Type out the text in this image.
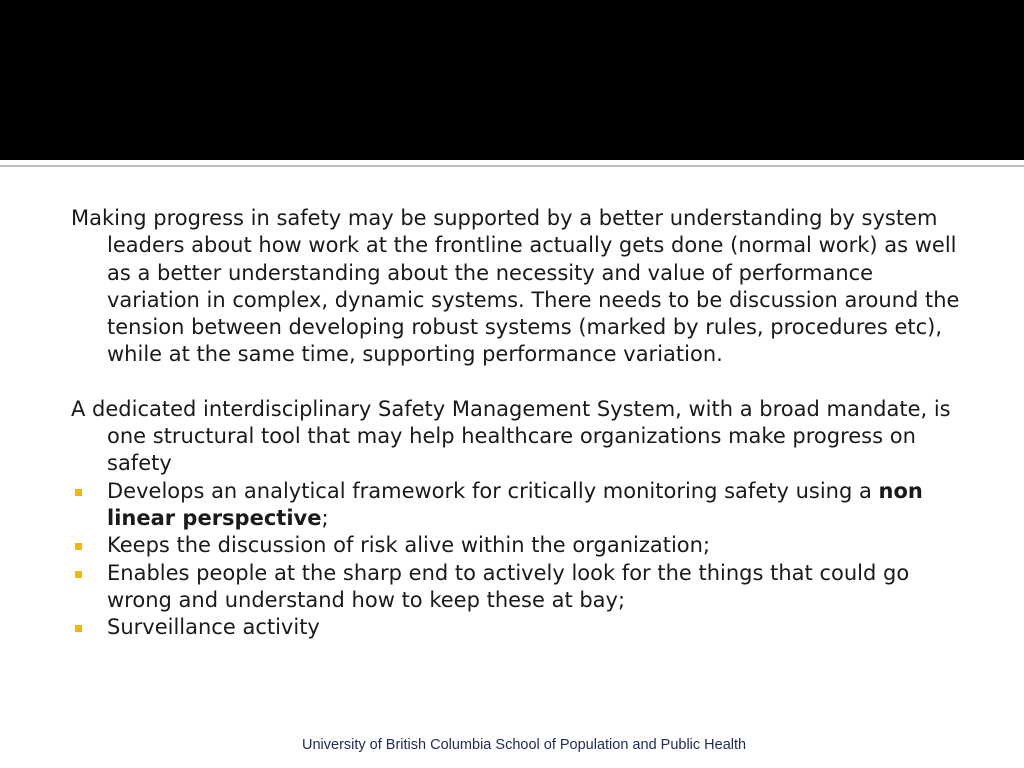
Making progress in safety may be supported by a better understanding by system leaders about how work at the frontline actually gets done (normal work) as well as a better understanding about the necessity and value of performance variation in complex, dynamic systems. There needs to be discussion around the tension between developing robust systems (marked by rules, procedures etc), while at the same time, supporting performance variation.

A dedicated interdisciplinary Safety Management System, with a broad mandate, is one structural tool that may help healthcare organizations make progress on safety

Develops an analytical framework for critically monitoring safety using a non linear perspective;
Keeps the discussion of risk alive within the organization;
Enables people at the sharp end to actively look for the things that could go wrong and understand how to keep these at bay;
Surveillance activity
University of British Columbia School of Population and Public Health
